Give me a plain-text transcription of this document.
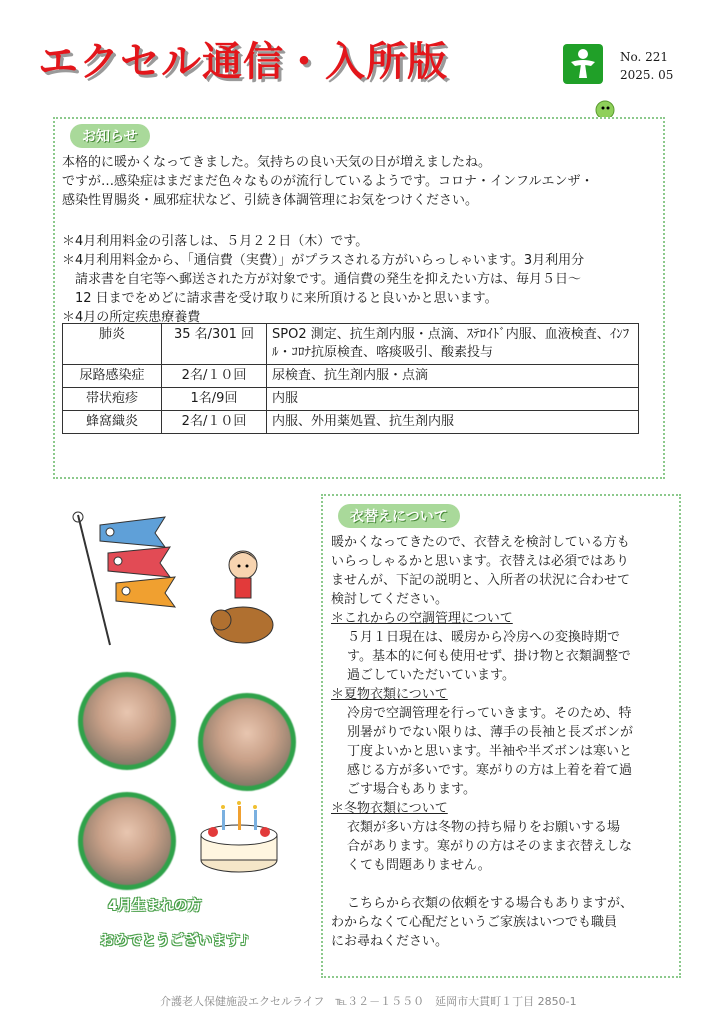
エクセル通信・入所版	No. 221
2025. 05
お知らせ
本格的に暖かくなってきました。気持ちの良い天気の日が増えましたね。
ですが…感染症はまだまだ色々なものが流行しているようです。コロナ・インフルエンザ・
感染性胃腸炎・風邪症状など、引続き体調管理にお気をつけください。
＊4月利用料金の引落しは、５月２２日（木）です。
＊4月利用料金から、「通信費（実費）」がプラスされる方がいらっしゃいます。3月利用分
　請求書を自宅等へ郵送された方が対象です。通信費の発生を抑えたい方は、毎月５日～
　12 日までをめどに請求書を受け取りに来所頂けると良いかと思います。
＊4月の所定疾患療養費
肺炎	35 名/301 回	SPO2 測定、抗生剤内服・点滴、ｽﾃﾛｲﾄﾞ内服、血液検査、ｲﾝﾌﾙ・ｺﾛﾅ抗原検査、喀痰吸引、酸素投与
尿路感染症	2名/１０回	尿検査、抗生剤内服・点滴
帯状疱疹	1名/9回	内服
蜂窩織炎	2名/１０回	内服、外用薬処置、抗生剤内服
4月生まれの方
おめでとうございます♪
衣替えについて
暖かくなってきたので、衣替えを検討している方も
いらっしゃるかと思います。衣替えは必須ではあり
ませんが、下記の説明と、入所者の状況に合わせて
検討してください。
＊これからの空調管理について
５月１日現在は、暖房から冷房への変換時期で
す。基本的に何も使用せず、掛け物と衣類調整で
過ごしていただいています。
＊夏物衣類について
冷房で空調管理を行っていきます。そのため、特
別暑がりでない限りは、薄手の長袖と長ズボンが
丁度よいかと思います。半袖や半ズボンは寒いと
感じる方が多いです。寒がりの方は上着を着て過
ごす場合もあります。
＊冬物衣類について
衣類が多い方は冬物の持ち帰りをお願いする場
合があります。寒がりの方はそのまま衣替えしな
くても問題ありません。
こちらから衣類の依頼をする場合もありますが、
わからなくて心配だというご家族はいつでも職員
にお尋ねください。
介護老人保健施設エクセルライフ　℡３２－１５５０　延岡市大貫町１丁目 2850-1
